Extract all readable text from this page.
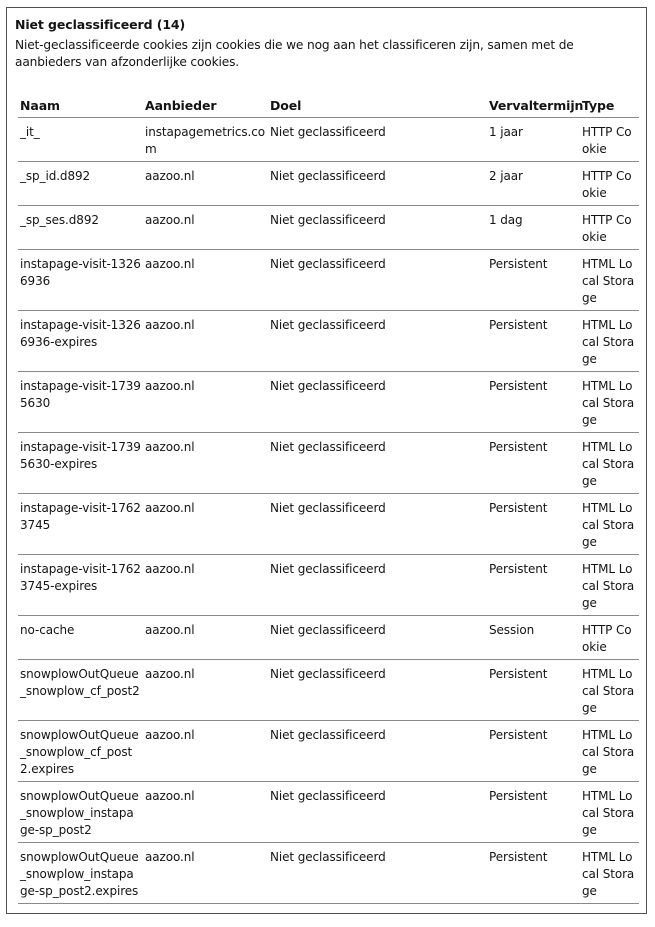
Niet geclassificeerd (14)
Niet-geclassificeerde cookies zijn cookies die we nog aan het classificeren zijn, samen met de aanbieders van afzonderlijke cookies.
Naam	Aanbieder	Doel	Vervaltermijn	Type
_it_	instapagemetrics.com	Niet geclassificeerd	1 jaar	HTTP Cookie
_sp_id.d892	aazoo.nl	Niet geclassificeerd	2 jaar	HTTP Cookie
_sp_ses.d892	aazoo.nl	Niet geclassificeerd	1 dag	HTTP Cookie
instapage-visit-13266936	aazoo.nl	Niet geclassificeerd	Persistent	HTML Local Storage
instapage-visit-13266936-expires	aazoo.nl	Niet geclassificeerd	Persistent	HTML Local Storage
instapage-visit-17395630	aazoo.nl	Niet geclassificeerd	Persistent	HTML Local Storage
instapage-visit-17395630-expires	aazoo.nl	Niet geclassificeerd	Persistent	HTML Local Storage
instapage-visit-17623745	aazoo.nl	Niet geclassificeerd	Persistent	HTML Local Storage
instapage-visit-17623745-expires	aazoo.nl	Niet geclassificeerd	Persistent	HTML Local Storage
no-cache	aazoo.nl	Niet geclassificeerd	Session	HTTP Cookie
snowplowOutQueue_snowplow_cf_post2	aazoo.nl	Niet geclassificeerd	Persistent	HTML Local Storage
snowplowOutQueue_snowplow_cf_post2.expires	aazoo.nl	Niet geclassificeerd	Persistent	HTML Local Storage
snowplowOutQueue_snowplow_instapage-sp_post2	aazoo.nl	Niet geclassificeerd	Persistent	HTML Local Storage
snowplowOutQueue_snowplow_instapage-sp_post2.expires	aazoo.nl	Niet geclassificeerd	Persistent	HTML Local Storage
